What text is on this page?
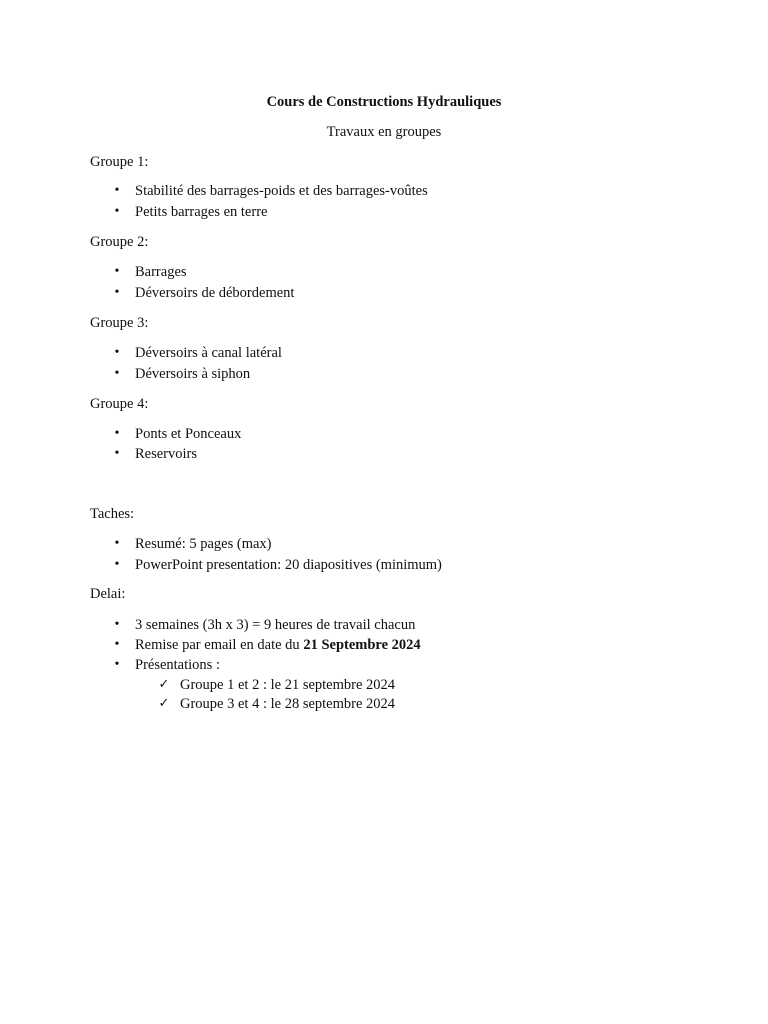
Cours de Constructions Hydrauliques
Travaux en groupes
Groupe 1:
• Stabilité des barrages-poids et des barrages-voûtes
• Petits barrages en terre
Groupe 2:
• Barrages
• Déversoirs de débordement
Groupe 3:
• Déversoirs à canal latéral
• Déversoirs à siphon
Groupe 4:
• Ponts et Ponceaux
• Reservoirs
Taches:
• Resumé: 5 pages (max)
• PowerPoint presentation: 20 diapositives (minimum)
Delai:
• 3 semaines (3h x 3) = 9 heures de travail chacun
• Remise par email en date du 21 Septembre 2024
• Présentations :
✓ Groupe 1 et 2 : le 21 septembre 2024
✓ Groupe 3 et 4 : le 28 septembre 2024
